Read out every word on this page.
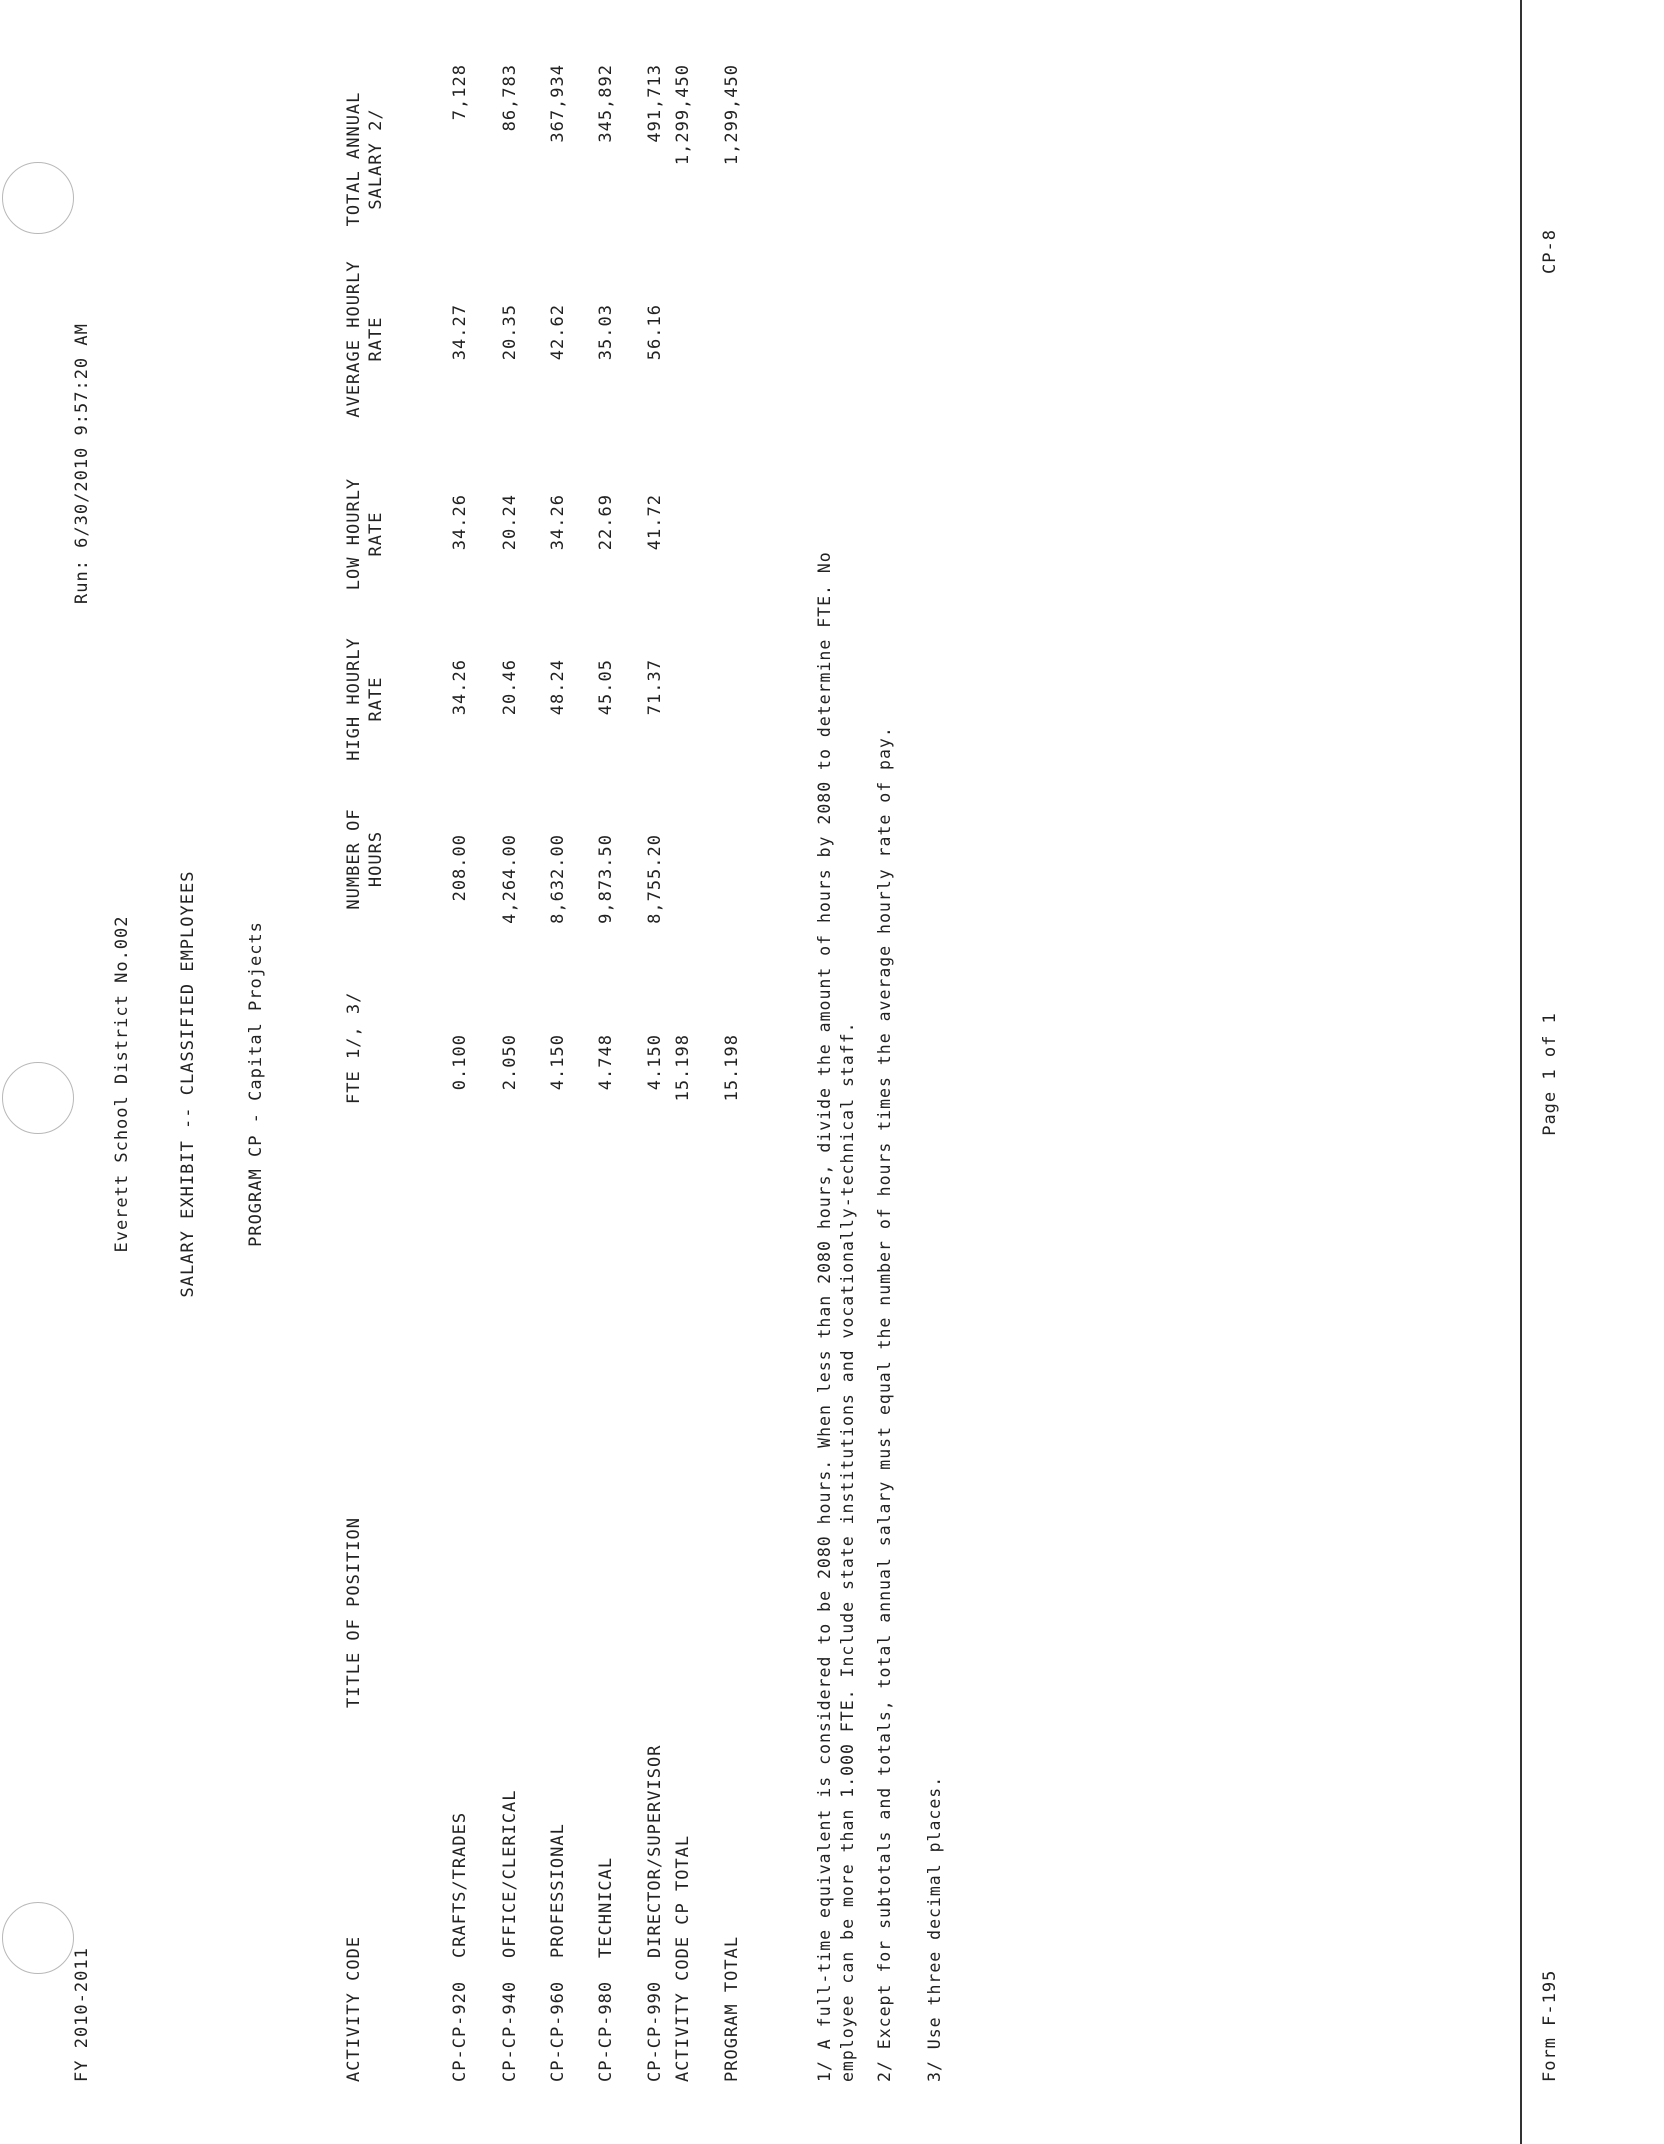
FY 2010-2011
Everett School District No.002
Run: 6/30/2010 9:57:20 AM
SALARY EXHIBIT -- CLASSIFIED EMPLOYEES	PROGRAM CP - Capital Projects
ACTIVITY CODE
TITLE OF POSITION
FTE 1/, 3/
NUMBER OF HOURS
HIGH HOURLY RATE
LOW HOURLY RATE
AVERAGE HOURLY RATE
TOTAL ANNUAL SALARY 2/
CP-CP-920
CRAFTS/TRADES
0.100
208.00
34.26
34.26
34.27
7,128
CP-CP-940
OFFICE/CLERICAL
2.050
4,264.00
20.46
20.24
20.35
86,783
CP-CP-960
PROFESSIONAL
4.150
8,632.00
48.24
34.26
42.62
367,934
CP-CP-980
TECHNICAL
4.748
9,873.50
45.05
22.69
35.03
345,892
CP-CP-990
DIRECTOR/SUPERVISOR
4.150
8,755.20
71.37
41.72
56.16
491,713
ACTIVITY CODE CP TOTAL
15.198
1,299,450
PROGRAM TOTAL
15.198
1,299,450
1/ A full-time equivalent is considered to be 2080 hours. When less than 2080 hours, divide the amount of hours by 2080 to determine FTE. No employee can be more than 1.000 FTE. Include state institutions and vocationally-technical staff. 2/ Except for subtotals and totals, total annual salary must equal the number of hours times the average hourly rate of pay. 3/ Use three decimal places.	Form F-195
Page 1 of 1
CP-8
